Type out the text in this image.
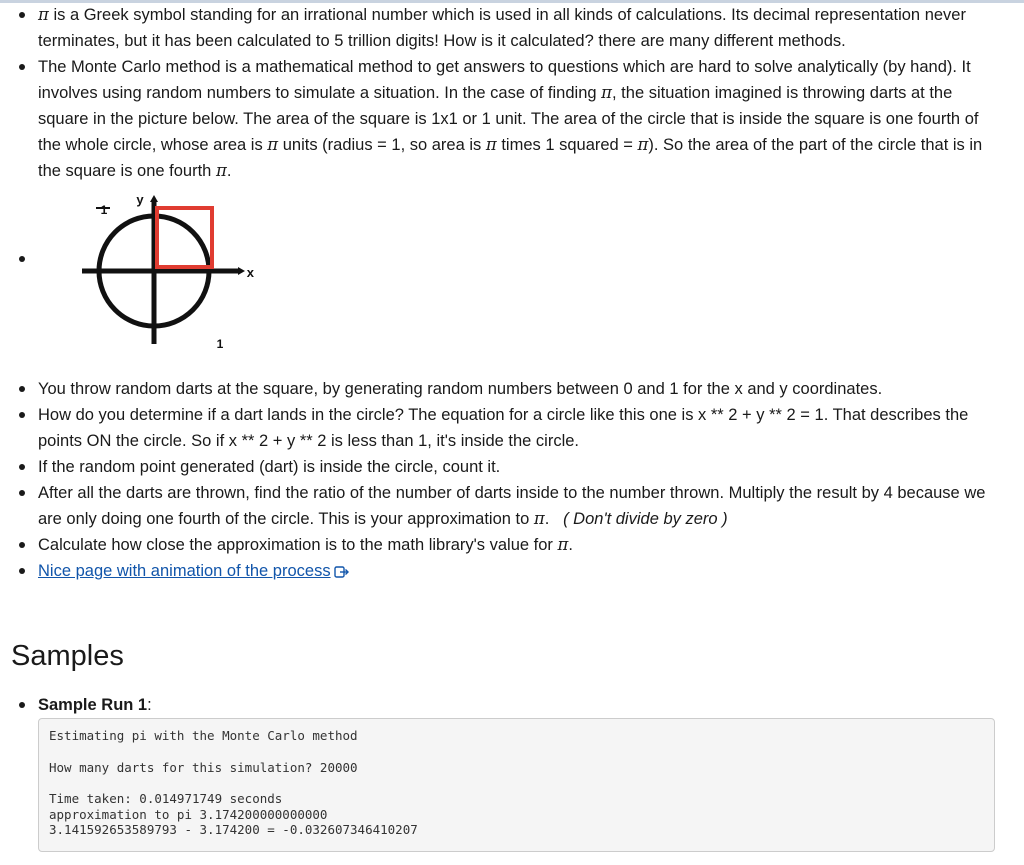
π is a Greek symbol standing for an irrational number which is used in all kinds of calculations. Its decimal representation never terminates, but it has been calculated to 5 trillion digits! How is it calculated? there are many different methods.
The Monte Carlo method is a mathematical method to get answers to questions which are hard to solve analytically (by hand). It involves using random numbers to simulate a situation. In the case of finding π, the situation imagined is throwing darts at the square in the picture below. The area of the square is 1x1 or 1 unit. The area of the circle that is inside the square is one fourth of the whole circle, whose area is π units (radius = 1, so area is π times 1 squared = π). So the area of the part of the circle that is in the square is one fourth π.
1
y
x
1
You throw random darts at the square, by generating random numbers between 0 and 1 for the x and y coordinates.
How do you determine if a dart lands in the circle? The equation for a circle like this one is x ** 2 + y ** 2 = 1. That describes the points ON the circle. So if x ** 2 + y ** 2 is less than 1, it's inside the circle.
If the random point generated (dart) is inside the circle, count it.
After all the darts are thrown, find the ratio of the number of darts inside to the number thrown. Multiply the result by 4 because we are only doing one fourth of the circle. This is your approximation to π.   ( Don't divide by zero )
Calculate how close the approximation is to the math library's value for π.
Nice page with animation of the process
Samples
Sample Run 1:
Estimating pi with the Monte Carlo method

How many darts for this simulation? 20000

Time taken: 0.014971749 seconds
approximation to pi 3.174200000000000
3.141592653589793 - 3.174200 = -0.032607346410207
